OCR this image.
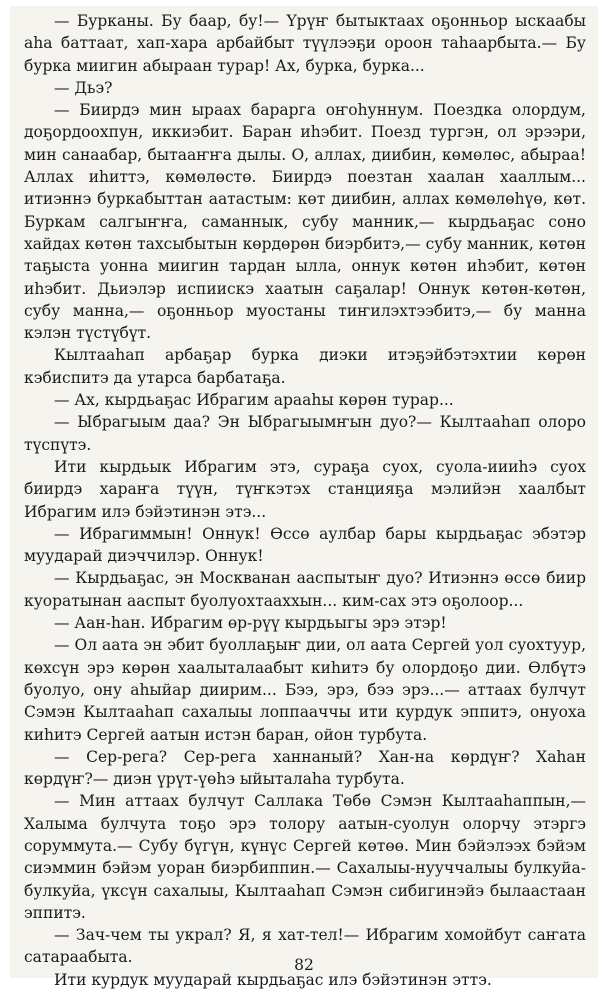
— Бурканы. Бу баар, бу!— Үрүҥ бытыктаах оҕонньор ыскаабы аһа баттаат, хап-хара арбайбыт түүлээҕи ороон таһаарбыта.— Бу бурка миигин абыраан турар! Ах, бурка, бурка...

— Дьэ?

— Биирдэ мин ыраах бараргa оҥоһуннум. Поездка олордум, доҕордоохпун, иккиэбит. Баран иһэбит. Поезд тургэн, ол эрээри, мин санаабар, бытааҥҥа дылы. О, аллах, диибин, көмөлөс, абыраа! Аллах иһиттэ, көмөлөстө. Биирдэ поезтан хаалан хааллым... итиэннэ буркабыттан аатастым: көт диибин, аллах көмөлөһүө, көт. Буркам салгыҥҥа, саманнык, субу манник,— кырдьаҕас соно хайдах көтөн тахсыбытын көрдөрөн биэрбитэ,— субу манник, көтөн таҕыста уонна миигин тардан ылла, оннук көтөн иһэбит, көтөн иһэбит. Дьиэлэр испиискэ хаатын саҕалар! Оннук көтөн-көтөн, субу манна,— оҕонньор муостаны тиҥилэхтээбитэ,— бу манна кэлэн түстүбүт.

Кылтааһап арбаҕар бурка диэки итэҕэйбэтэхтии көрөн кэбиспитэ да утарса барбатаҕа.

— Ах, кырдьаҕас Ибрагим арааһы көрөн турар...

— Ыбрагыым даа? Эн Ыбрагыымҥын дуо?— Кылтааһап олоро түспүтэ.

Ити кырдьык Ибрагим этэ, сураҕа суох, суола-иииһэ суох биирдэ хараҥа түүн, түҥкэтэх станцияҕа мэлийэн хаалбыт Ибрагим илэ бэйэтинэн этэ...

— Ибрагиммын! Оннук! Өссө аулбар бары кырдьаҕас эбэтэр муударай диэччилэр. Оннук!

— Кырдьаҕас, эн Москванан аaспытыҥ дуо? Итиэннэ өссө биир куоратынан аaспыт буолуохтааххын... ким-сах этэ оҕолоор...

— Аан-һан. Ибрагим өр-рүү кырдьыгы эрэ этэр!

— Ол аата эн эбит буоллаҕыҥ дии, ол аата Сергей уол суохтуур, көхсүн эрэ көрөн хаалыталаабыт киһитэ бу олордоҕо дии. Өлбүтэ буолуо, ону аһыйар диирим... Бээ, эрэ, бээ эрэ...— аттаах булчут Сэмэн Кылтааһап сахалыы лоппааччы ити курдук эппитэ, онуоха киһитэ Сергей аатын истэн баран, ойон турбута.

— Сер-рега? Сер-рега ханнаный? Хан-на көрдүҥ? Хаһан көрдүҥ?— диэн үрүт-үөһэ ыйыталаһа турбута.

— Мин аттаах булчут Саллака Төбө Сэмэн Кылтааһаппын,— Халыма булчута тоҕо эрэ толору аатын-суолун олорчу этэргэ соруммута.— Субу бүгүн, күнүс Сергей көтөө. Мин бэйэлээх бэйэм сиэммин бэйэм уоран биэрбиппин.— Сахалыы-нууччалыы булкуйа-булкуйа, үксүн сахалыы, Кылтааһап Сэмэн сибигинэйэ былаастаан эппитэ.

— Зач-чем ты украл? Я, я хат-тел!— Ибрагим хомойбут саҥата сатараабыта.

Ити курдук муударай кырдьаҕас илэ бэйэтинэн эттэ.

82
